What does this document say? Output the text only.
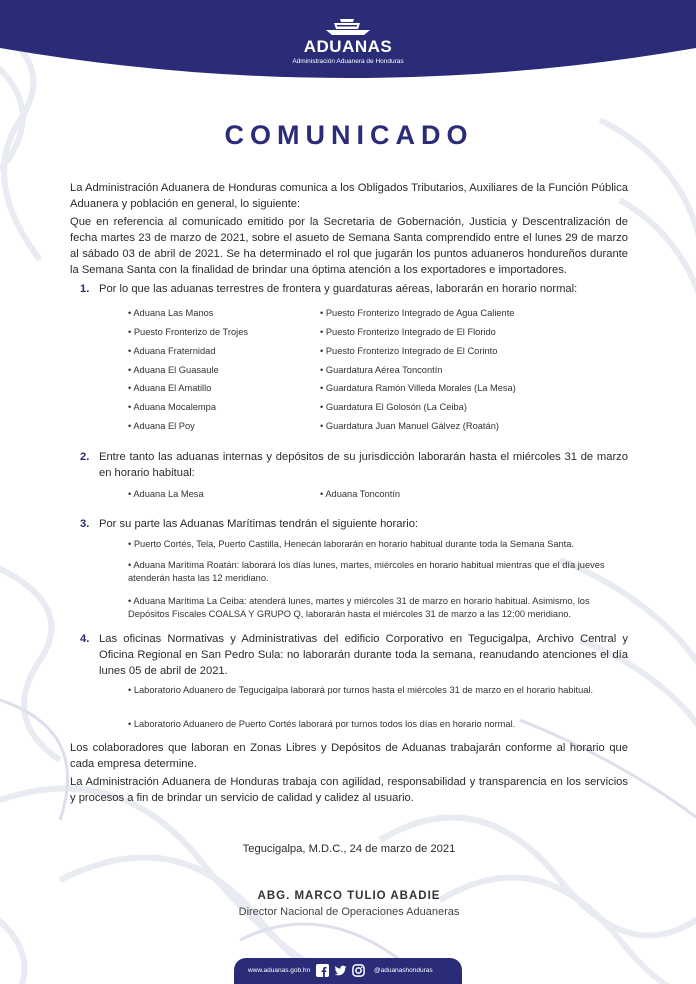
ADUANAS
Administración Aduanera de Honduras
COMUNICADO
La Administración Aduanera de Honduras comunica a los Obligados Tributarios, Auxiliares de la Función Pública Aduanera y población en general, lo siguiente:
Que en referencia al comunicado emitido por la Secretaria de Gobernación, Justicia y Descentralización de fecha martes 23 de marzo de 2021, sobre el asueto de Semana Santa comprendido entre el lunes 29 de marzo al sábado 03 de abril de 2021. Se ha determinado el rol que jugarán los puntos aduaneros hondureños durante la Semana Santa con la finalidad de brindar una óptima atención a los exportadores e importadores.
1. Por lo que las aduanas terrestres de frontera y guardaturas aéreas, laborarán en horario normal:
• Aduana Las Manos
• Puesto Fronterizo de Trojes
• Aduana Fraternidad
• Aduana El Guasaule
• Aduana El Amatillo
• Aduana Mocalempa
• Aduana El Poy
• Puesto Fronterizo Integrado de Agua Caliente
• Puesto Fronterizo Integrado de El Florido
• Puesto Fronterizo Integrado de El Corinto
• Guardatura Aérea Toncontín
• Guardatura Ramón Villeda Morales (La Mesa)
• Guardatura El Golosón (La Ceiba)
• Guardatura Juan Manuel Gálvez (Roatán)
2. Entre tanto las aduanas internas y depósitos de su jurisdicción laborarán hasta el miércoles 31 de marzo en horario habitual:
• Aduana La Mesa	• Aduana Toncontín
3. Por su parte las Aduanas Marítimas tendrán el siguiente horario:
• Puerto Cortés, Tela, Puerto Castilla, Henecán laborarán en horario habitual durante toda la Semana Santa.
• Aduana Marítima Roatán: laborará los días lunes, martes, miércoles en horario habitual mientras que el día jueves atenderán hasta las 12 meridiano.
• Aduana Marítima La Ceiba: atenderá lunes, martes y miércoles 31 de marzo en horario habitual. Asimismo, los Depósitos Fiscales COALSA Y GRUPO Q, laborarán hasta el miércoles 31 de marzo a las 12:00 meridiano.
4. Las oficinas Normativas y Administrativas del edificio Corporativo en Tegucigalpa, Archivo Central y Oficina Regional en San Pedro Sula: no laborarán durante toda la semana, reanudando atenciones el día lunes 05 de abril de 2021.
• Laboratorio Aduanero de Tegucigalpa laborará por turnos hasta el miércoles 31 de marzo en el horario habitual.
• Laboratorio Aduanero de Puerto Cortés laborará por turnos todos los días en horario normal.
Los colaboradores que laboran en Zonas Libres y Depósitos de Aduanas trabajarán conforme al horario que cada empresa determine.
La Administración Aduanera de Honduras trabaja con agilidad, responsabilidad y transparencia en los servicios y procesos a fin de brindar un servicio de calidad y calidez al usuario.
Tegucigalpa, M.D.C., 24 de marzo de 2021
ABG. MARCO TULIO ABADIE
Director Nacional de Operaciones Aduaneras
www.aduanas.gob.hn	@aduanashonduras
